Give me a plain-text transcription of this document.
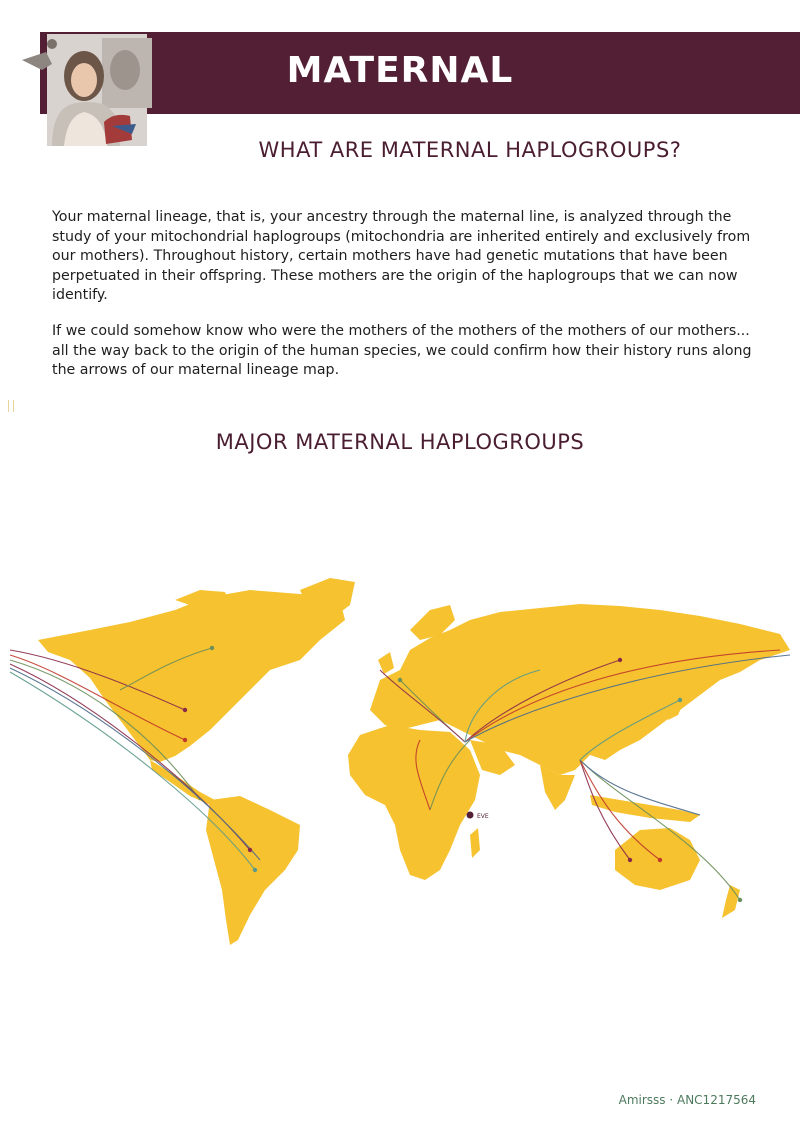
MATERNAL
WHAT ARE MATERNAL HAPLOGROUPS?

Your maternal lineage, that is, your ancestry through the maternal line, is analyzed through the study of your mitochondrial haplogroups (mitochondria are inherited entirely and exclusively from our mothers). Throughout history, certain mothers have had genetic mutations that have been perpetuated in their offspring. These mothers are the origin of the haplogroups that we can now identify.

If we could somehow know who were the mothers of the mothers of the mothers of our mothers... all the way back to the origin of the human species, we could confirm how their history runs along the arrows of our maternal lineage map.

MAJOR MATERNAL HAPLOGROUPS
EVE
Amirsss · ANC1217564
